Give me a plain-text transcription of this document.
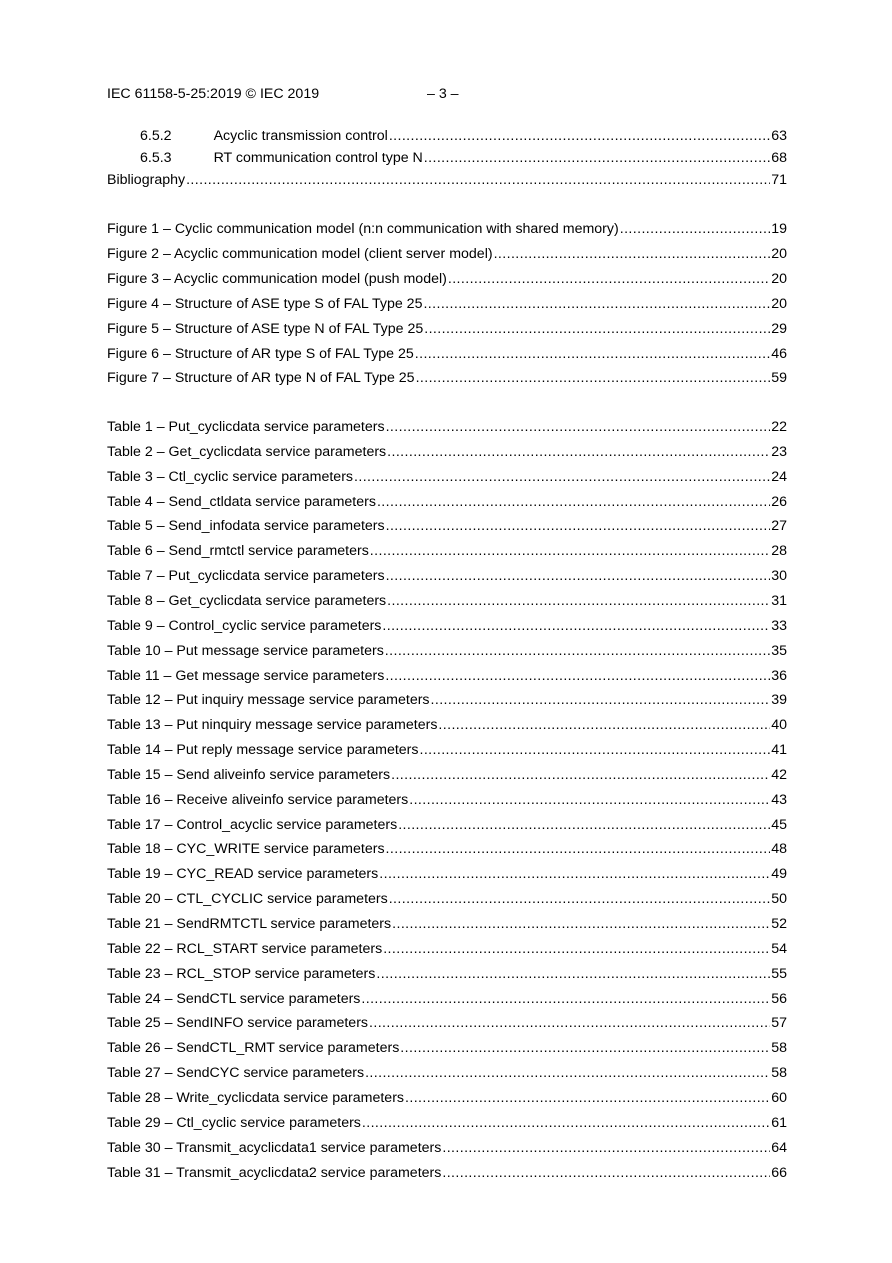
IEC 61158-5-25:2019 © IEC 2019	– 3 –
6.5.2	Acyclic transmission control .....	63
6.5.3	RT communication control type N .....	68
Bibliography .....	71
Figure 1 – Cyclic communication model (n:n communication with shared memory) .....	19
Figure 2 – Acyclic communication model (client server model) .....	20
Figure 3 – Acyclic communication model (push model) .....	20
Figure 4 – Structure of ASE type S of FAL Type 25 .....	20
Figure 5 – Structure of ASE type N of FAL Type 25 .....	29
Figure 6 – Structure of AR type S of FAL Type 25 .....	46
Figure 7 – Structure of AR type N of FAL Type 25 .....	59
Table 1 – Put_cyclicdata service parameters .....	22
Table 2 – Get_cyclicdata service parameters .....	23
Table 3 – Ctl_cyclic service parameters .....	24
Table 4 – Send_ctldata service parameters .....	26
Table 5 – Send_infodata service parameters .....	27
Table 6 – Send_rmtctl service parameters .....	28
Table 7 – Put_cyclicdata service parameters .....	30
Table 8 – Get_cyclicdata service parameters .....	31
Table 9 – Control_cyclic service parameters .....	33
Table 10 – Put message service parameters .....	35
Table 11 – Get message service parameters .....	36
Table 12 – Put inquiry message service parameters .....	39
Table 13 – Put ninquiry message service parameters .....	40
Table 14 – Put reply message service parameters .....	41
Table 15 – Send aliveinfo service parameters .....	42
Table 16 – Receive aliveinfo service parameters .....	43
Table 17 – Control_acyclic service parameters .....	45
Table 18 – CYC_WRITE service parameters .....	48
Table 19 – CYC_READ service parameters .....	49
Table 20 – CTL_CYCLIC service parameters .....	50
Table 21 – SendRMTCTL service parameters .....	52
Table 22 – RCL_START service parameters .....	54
Table 23 – RCL_STOP service parameters .....	55
Table 24 – SendCTL service parameters .....	56
Table 25 – SendINFO service parameters .....	57
Table 26 – SendCTL_RMT service parameters .....	58
Table 27 – SendCYC service parameters .....	58
Table 28 – Write_cyclicdata service parameters .....	60
Table 29 – Ctl_cyclic service parameters .....	61
Table 30 – Transmit_acyclicdata1 service parameters .....	64
Table 31 – Transmit_acyclicdata2 service parameters .....	66
